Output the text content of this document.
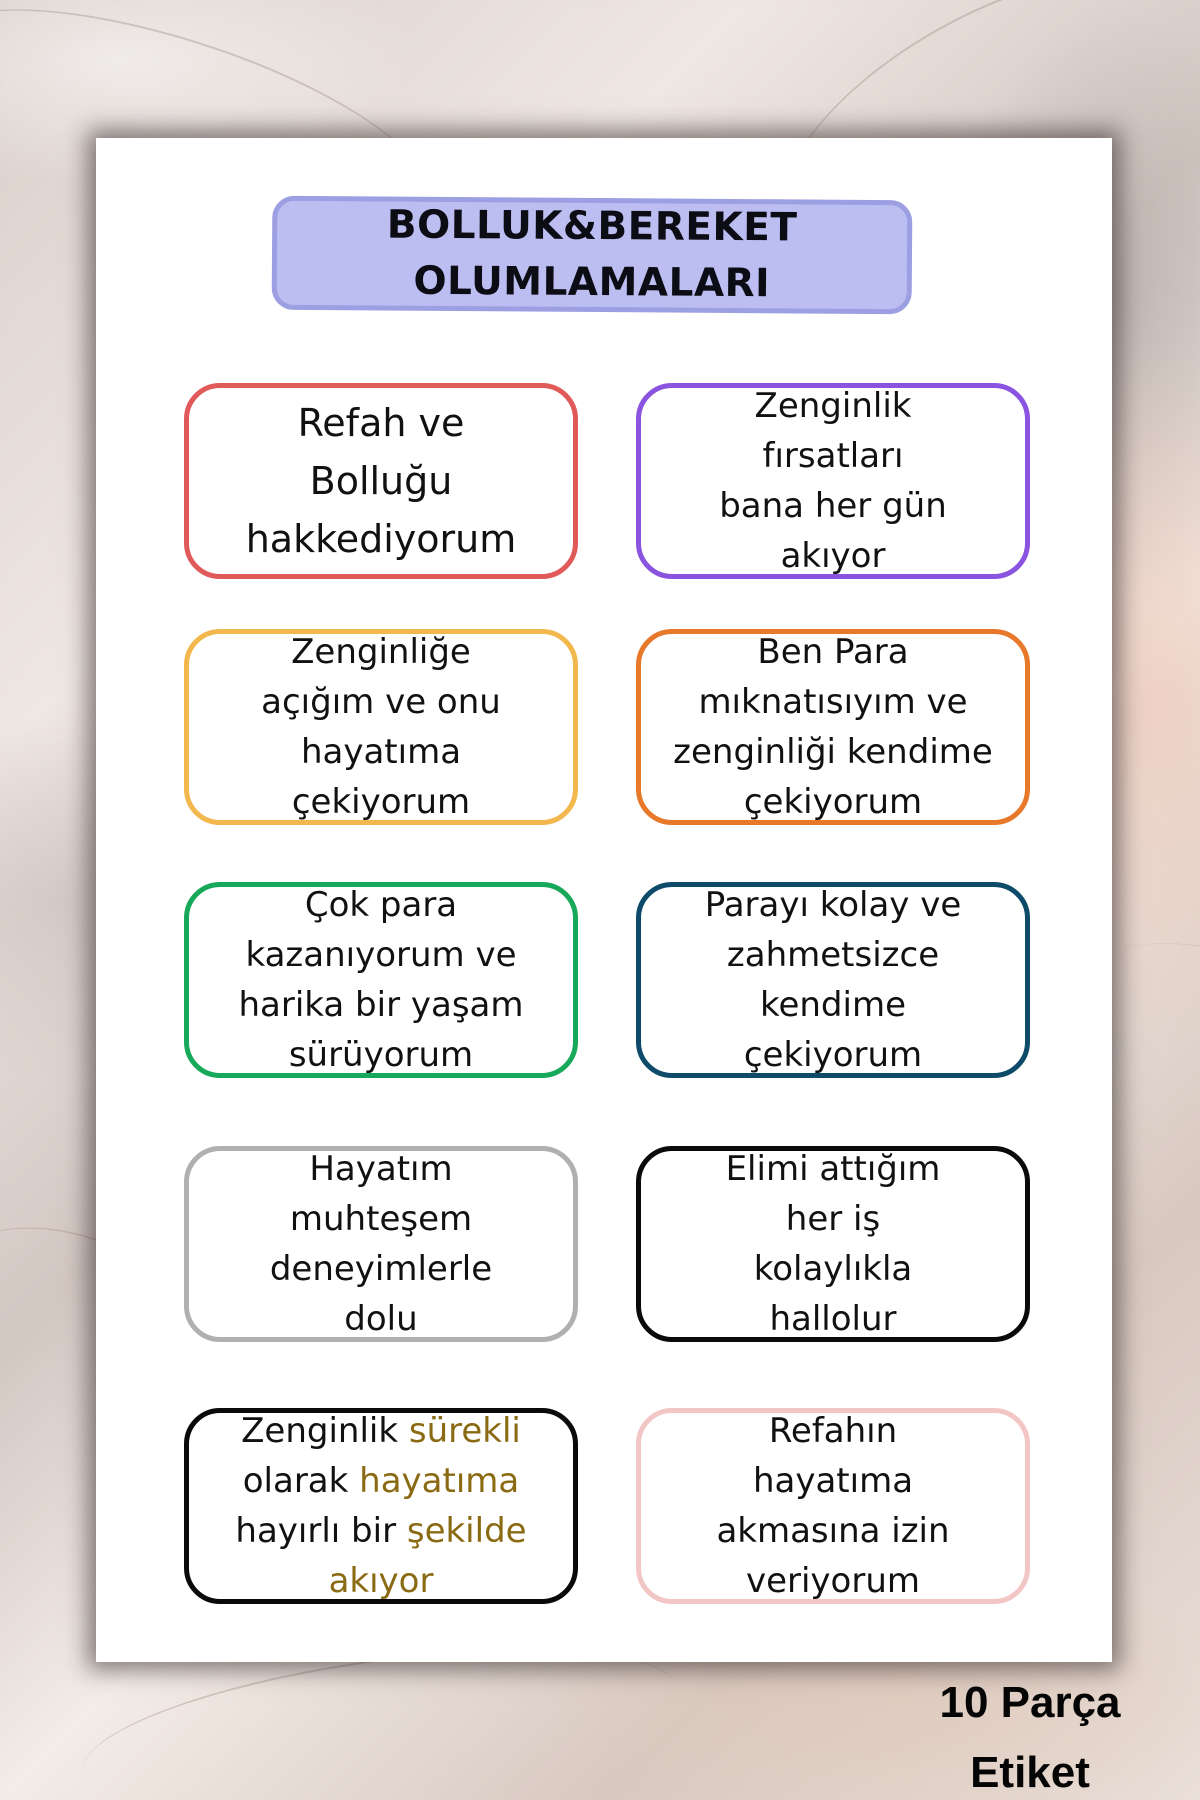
BOLLUK&BEREKET
OLUMLAMALARI
Refah ve
Bolluğu
hakkediyorum
Zenginlik
fırsatları
bana her gün
akıyor
Zenginliğe
açığım ve onu
hayatıma
çekiyorum
Ben Para
mıknatısıyım ve
zenginliği kendime
çekiyorum
Çok para
kazanıyorum ve
harika bir yaşam
sürüyorum
Parayı kolay ve
zahmetsizce
kendime
çekiyorum
Hayatım
muhteşem
deneyimlerle
dolu
Elimi attığım
her iş
kolaylıkla
hallolur
Zenginlik sürekli
olarak hayatıma
hayırlı bir şekilde
akıyor
Refahın
hayatıma
akmasına izin
veriyorum
10 Parça
Etiket
